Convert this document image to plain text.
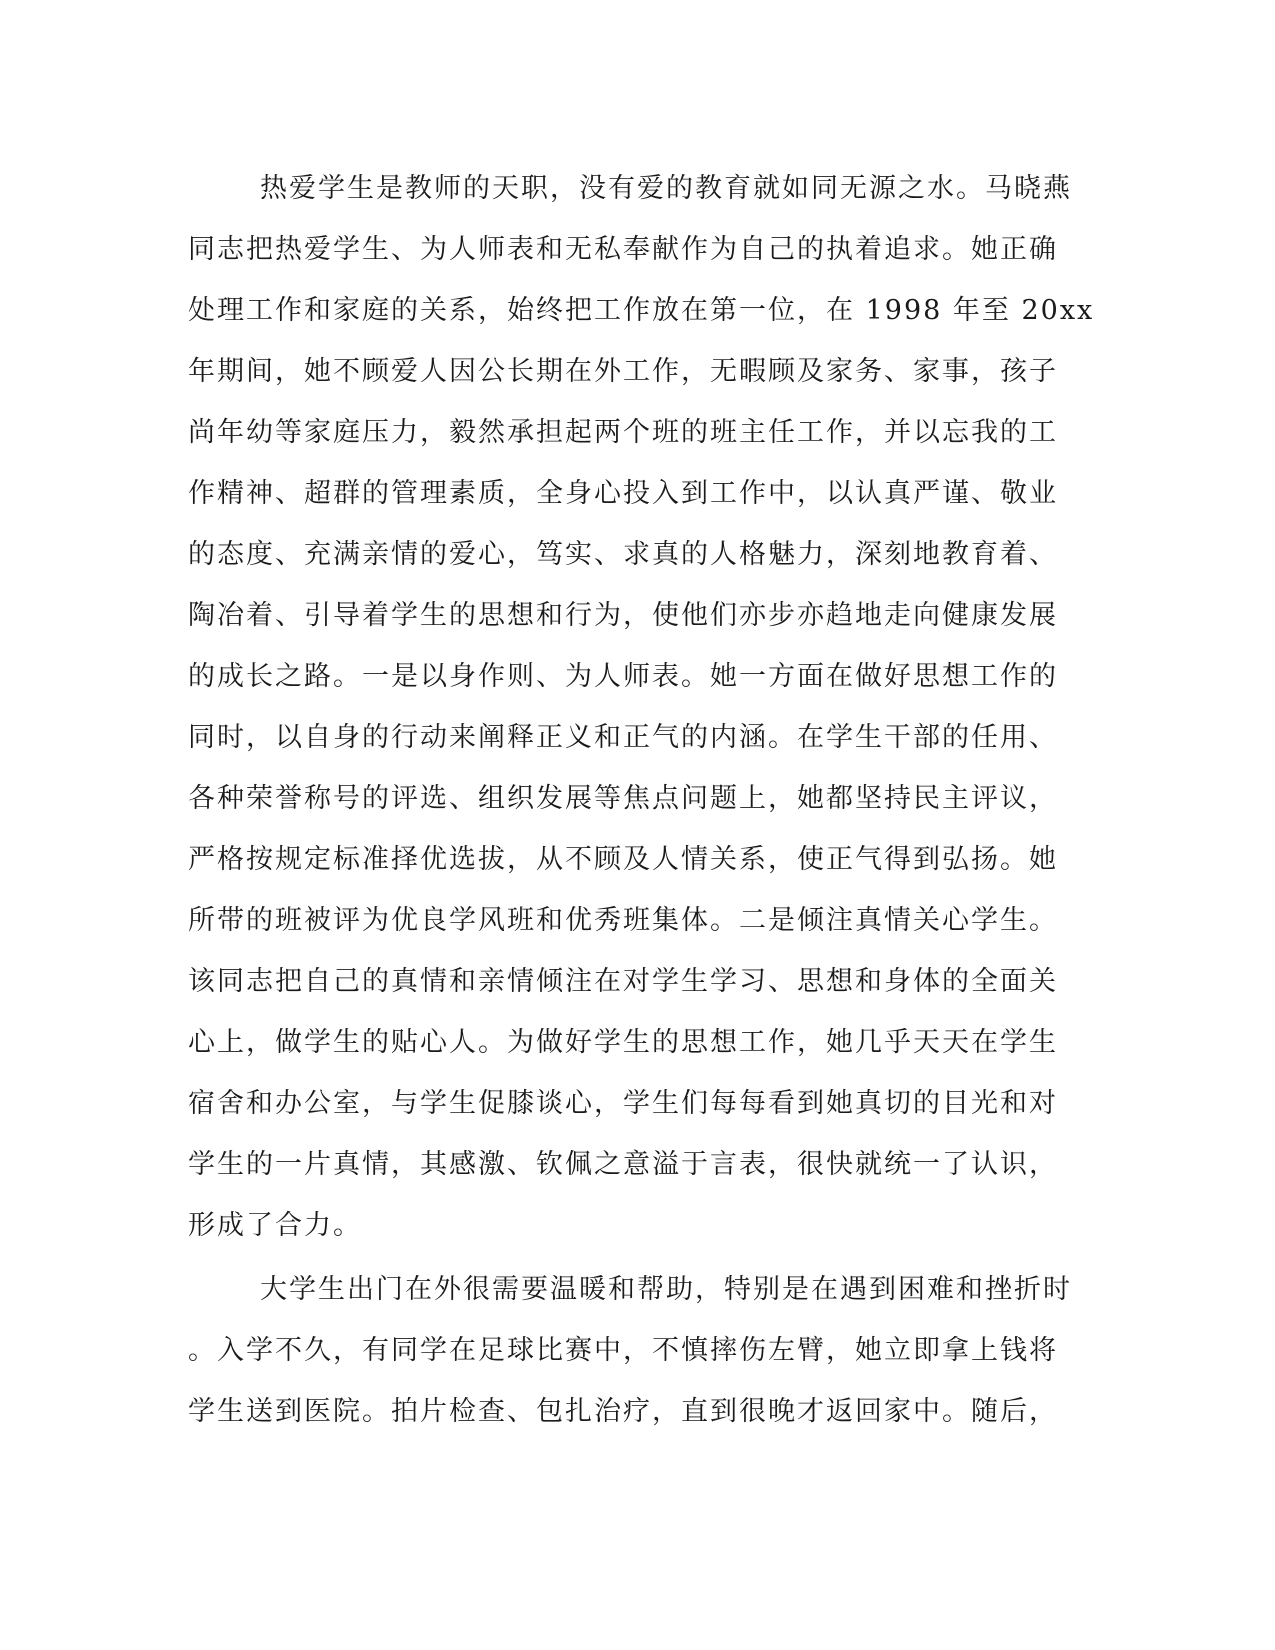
热爱学生是教师的天职，没有爱的教育就如同无源之水。马晓燕
同志把热爱学生、为人师表和无私奉献作为自己的执着追求。她正确
处理工作和家庭的关系，始终把工作放在第一位，在 1998 年至 20xx
年期间，她不顾爱人因公长期在外工作，无暇顾及家务、家事，孩子
尚年幼等家庭压力，毅然承担起两个班的班主任工作，并以忘我的工
作精神、超群的管理素质，全身心投入到工作中，以认真严谨、敬业
的态度、充满亲情的爱心，笃实、求真的人格魅力，深刻地教育着、
陶冶着、引导着学生的思想和行为，使他们亦步亦趋地走向健康发展
的成长之路。一是以身作则、为人师表。她一方面在做好思想工作的
同时，以自身的行动来阐释正义和正气的内涵。在学生干部的任用、
各种荣誉称号的评选、组织发展等焦点问题上，她都坚持民主评议，
严格按规定标准择优选拔，从不顾及人情关系，使正气得到弘扬。她
所带的班被评为优良学风班和优秀班集体。二是倾注真情关心学生。
该同志把自己的真情和亲情倾注在对学生学习、思想和身体的全面关
心上，做学生的贴心人。为做好学生的思想工作，她几乎天天在学生
宿舍和办公室，与学生促膝谈心，学生们每每看到她真切的目光和对
学生的一片真情，其感激、钦佩之意溢于言表，很快就统一了认识，
形成了合力。
大学生出门在外很需要温暖和帮助，特别是在遇到困难和挫折时
。入学不久，有同学在足球比赛中，不慎摔伤左臂，她立即拿上钱将
学生送到医院。拍片检查、包扎治疗，直到很晚才返回家中。随后，
